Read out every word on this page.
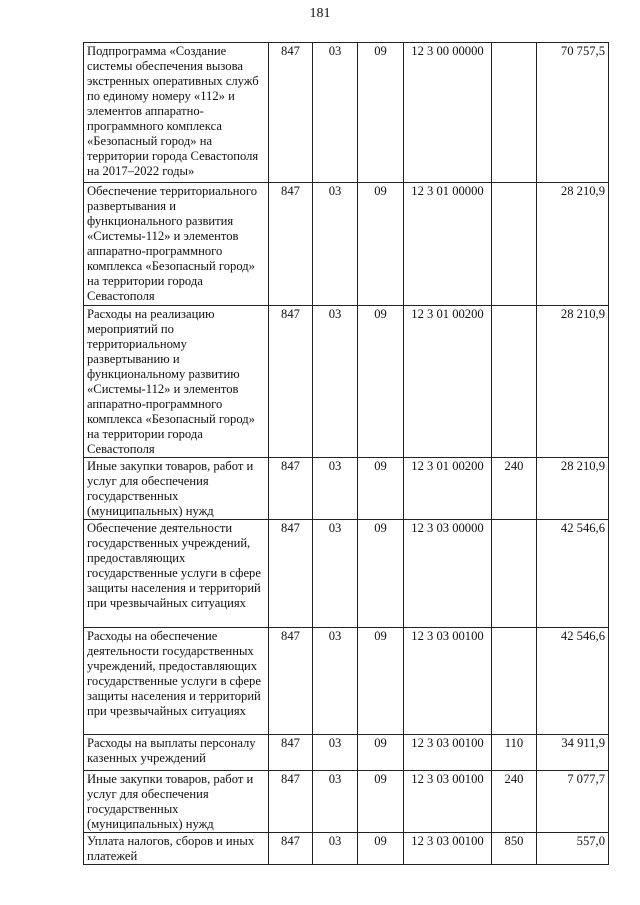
181
Подпрограмма «Создание системы обеспечения вызова экстренных оперативных служб по единому номеру «112» и элементов аппаратно-программного комплекса «Безопасный город» на территории города Севастополя на 2017–2022 годы»	847	03	09	12 3 00 00000		70 757,5
Обеспечение территориального развертывания и функционального развития «Системы-112» и элементов аппаратно-программного комплекса «Безопасный город» на территории города Севастополя	847	03	09	12 3 01 00000		28 210,9
Расходы на реализацию мероприятий по территориальному развертыванию и функциональному развитию «Системы-112» и элементов аппаратно-программного комплекса «Безопасный город» на территории города Севастополя	847	03	09	12 3 01 00200		28 210,9
Иные закупки товаров, работ и услуг для обеспечения государственных (муниципальных) нужд	847	03	09	12 3 01 00200	240	28 210,9
Обеспечение деятельности государственных учреждений, предоставляющих государственные услуги в сфере защиты населения и территорий при чрезвычайных ситуациях	847	03	09	12 3 03 00000		42 546,6
Расходы на обеспечение деятельности государственных учреждений, предоставляющих государственные услуги в сфере защиты населения и территорий при чрезвычайных ситуациях	847	03	09	12 3 03 00100		42 546,6
Расходы на выплаты персоналу казенных учреждений	847	03	09	12 3 03 00100	110	34 911,9
Иные закупки товаров, работ и услуг для обеспечения государственных (муниципальных) нужд	847	03	09	12 3 03 00100	240	7 077,7
Уплата налогов, сборов и иных платежей	847	03	09	12 3 03 00100	850	557,0
